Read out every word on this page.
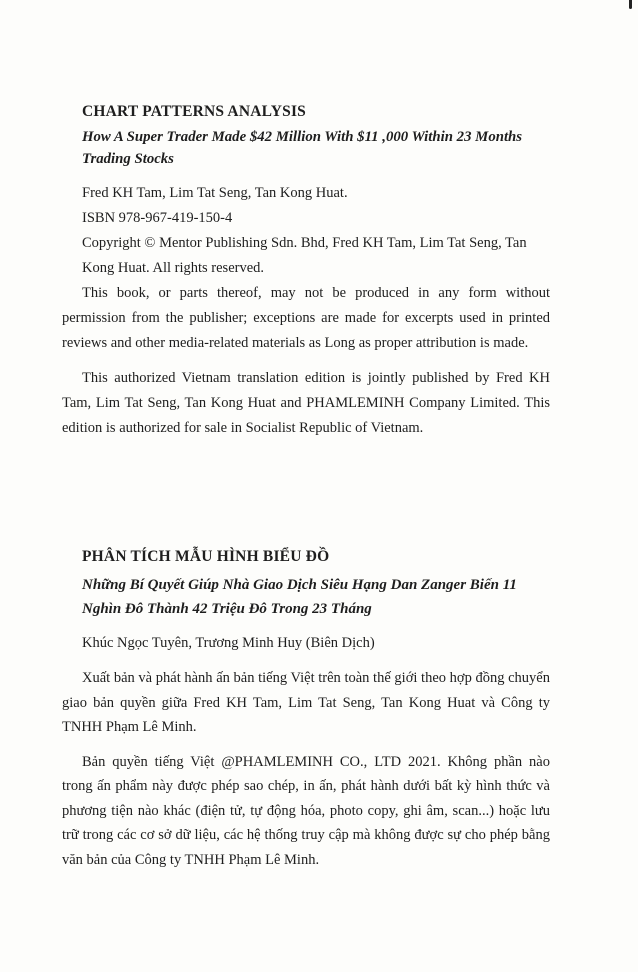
CHART PATTERNS ANALYSIS
How A Super Trader Made $42 Million With $11 ,000 Within 23 Months Trading Stocks
Fred KH Tam, Lim Tat Seng, Tan Kong Huat.
ISBN 978-967-419-150-4
Copyright © Mentor Publishing Sdn. Bhd, Fred KH Tam, Lim Tat Seng, Tan Kong Huat. All rights reserved.

This book, or parts thereof, may not be produced in any form without permission from the publisher; exceptions are made for excerpts used in printed reviews and other media-related materials as Long as proper attribution is made.

This authorized Vietnam translation edition is jointly published by Fred KH Tam, Lim Tat Seng, Tan Kong Huat and PHAMLEMINH Company Limited. This edition is authorized for sale in Socialist Republic of Vietnam.

PHÂN TÍCH MẪU HÌNH BIỂU ĐỒ
Những Bí Quyết Giúp Nhà Giao Dịch Siêu Hạng Dan Zanger Biến 11 Nghìn Đô Thành 42 Triệu Đô Trong 23 Tháng
Khúc Ngọc Tuyên, Trương Minh Huy (Biên Dịch)

Xuất bản và phát hành ấn bản tiếng Việt trên toàn thế giới theo hợp đồng chuyển giao bản quyền giữa Fred KH Tam, Lim Tat Seng, Tan Kong Huat và Công ty TNHH Phạm Lê Minh.

Bản quyền tiếng Việt @PHAMLEMINH CO., LTD 2021. Không phần nào trong ấn phẩm này được phép sao chép, in ấn, phát hành dưới bất kỳ hình thức và phương tiện nào khác (điện tử, tự động hóa, photo copy, ghi âm, scan...) hoặc lưu trữ trong các cơ sở dữ liệu, các hệ thống truy cập mà không được sự cho phép bằng văn bản của Công ty TNHH Phạm Lê Minh.
